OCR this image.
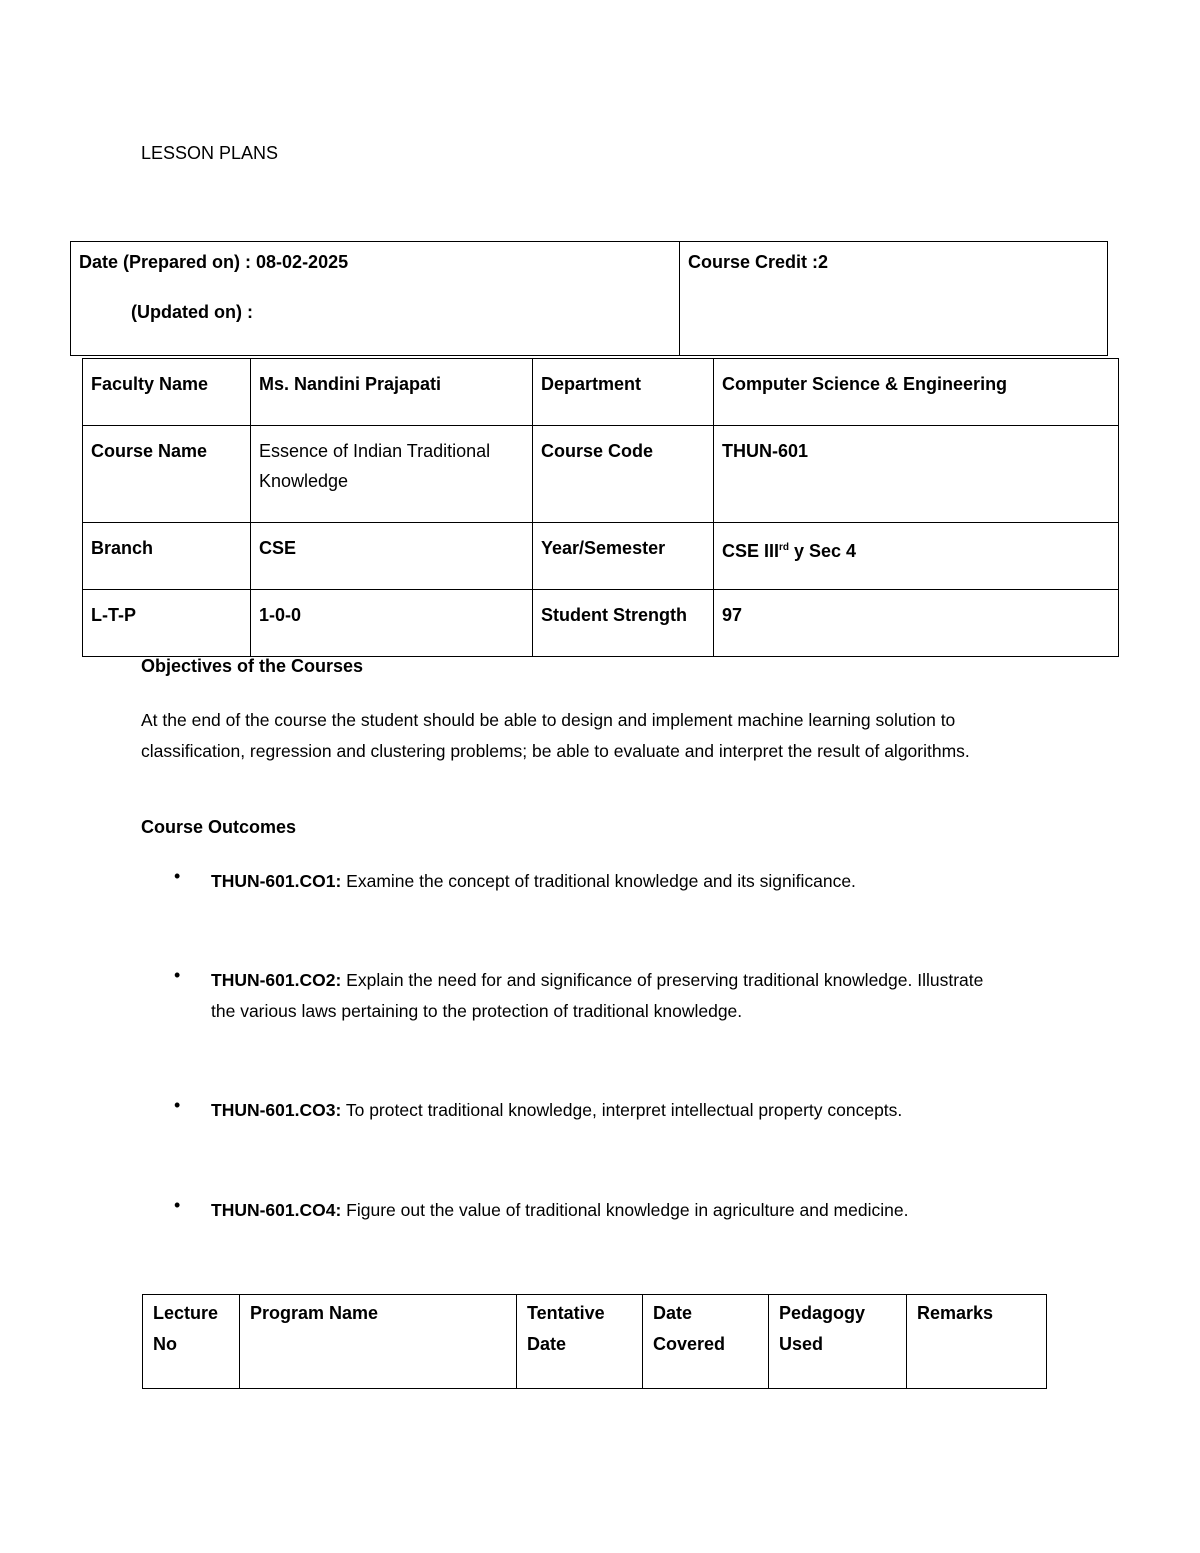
LESSON PLANS
Date (Prepared on) : 08-02-2025
(Updated on) :
Course Credit :2
Faculty Name	Ms. Nandini Prajapati	Department	Computer Science & Engineering
Course Name	Essence of Indian Traditional Knowledge	Course Code	THUN-601
Branch	CSE	Year/Semester	CSE IIIrd y Sec 4
L-T-P	1-0-0	Student Strength	97
Objectives of the Courses
At the end of the course the student should be able to design and implement machine learning solution to classification, regression and clustering problems; be able to evaluate and interpret the result of algorithms.
Course Outcomes
• THUN-601.CO1: Examine the concept of traditional knowledge and its significance.
• THUN-601.CO2: Explain the need for and significance of preserving traditional knowledge. Illustrate the various laws pertaining to the protection of traditional knowledge.
• THUN-601.CO3: To protect traditional knowledge, interpret intellectual property concepts.
• THUN-601.CO4: Figure out the value of traditional knowledge in agriculture and medicine.
Lecture No	Program Name	Tentative Date	Date Covered	Pedagogy Used	Remarks
